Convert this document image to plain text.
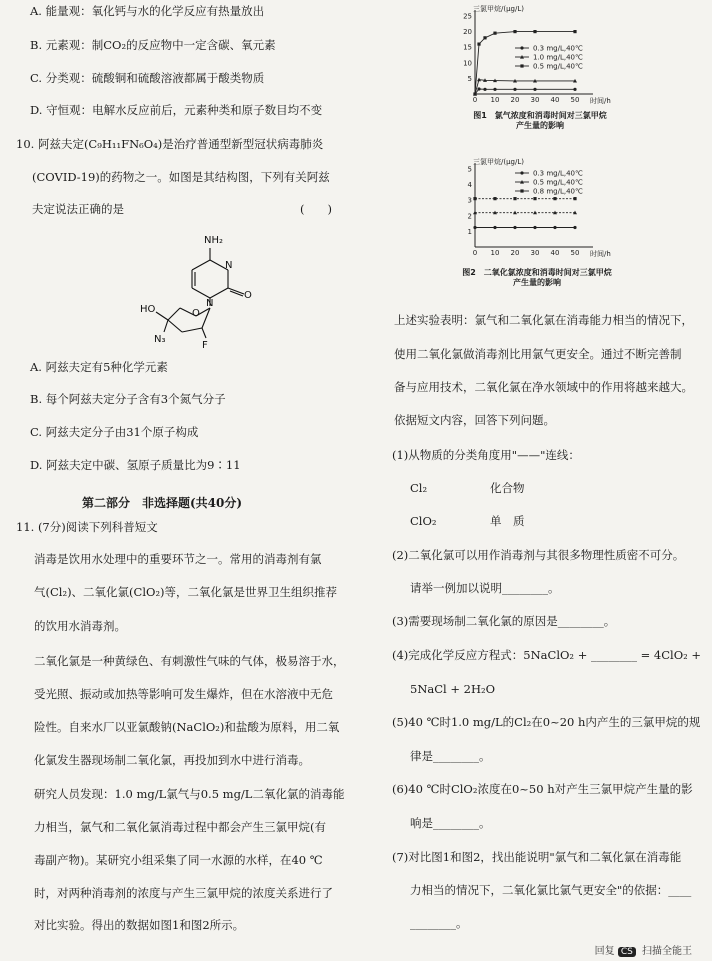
A. 能量观：氧化钙与水的化学反应有热量放出
B. 元素观：制CO₂的反应物中一定含碳、氧元素
C. 分类观：硫酸铜和硫酸溶液都属于酸类物质
D. 守恒观：电解水反应前后，元素种类和原子数目均不变
10. 阿兹夫定(C₉H₁₁FN₆O₄)是治疗普通型新型冠状病毒肺炎
(COVID-19)的药物之一。如图是其结构图，下列有关阿兹
夫定说法正确的是	(　　)
NH₂
N
N
O
O
HO
N₃
F
A. 阿兹夫定有5种化学元素
B. 每个阿兹夫定分子含有3个氮气分子
C. 阿兹夫定分子由31个原子构成
D. 阿兹夫定中碳、氢原子质量比为9∶11
第二部分　非选择题(共40分)
11. (7分)阅读下列科普短文
消毒是饮用水处理中的重要环节之一。常用的消毒剂有氯
气(Cl₂)、二氧化氯(ClO₂)等，二氧化氯是世界卫生组织推荐
的饮用水消毒剂。
二氧化氯是一种黄绿色、有刺激性气味的气体，极易溶于水，
受光照、振动或加热等影响可发生爆炸，但在水溶液中无危
险性。自来水厂以亚氯酸钠(NaClO₂)和盐酸为原料，用二氧
化氯发生器现场制二氧化氯，再投加到水中进行消毒。
研究人员发现：1.0 mg/L氯气与0.5 mg/L二氧化氯的消毒能
力相当，氯气和二氧化氯消毒过程中都会产生三氯甲烷(有
毒副产物)。某研究小组采集了同一水源的水样，在40 ℃
时，对两种消毒剂的浓度与产生三氯甲烷的浓度关系进行了
对比实验。得出的数据如图1和图2所示。
0 10 20 30 40 50
5
10
15
20
25
0.3 mg/L,40℃
1.0 mg/L,40℃
0.5 mg/L,40℃
三氯甲烷/(μg/L)
时间/h
图1　氯气浓度和消毒时间对三氯甲烷产生量的影响
0 10 20 30 40 50
1
2
3
4
5	0.3 mg/L,40℃
0.5 mg/L,40℃
0.8 mg/L,40℃
三氯甲烷/(μg/L)
时间/h
图2　二氧化氯浓度和消毒时间对三氯甲烷产生量的影响
上述实验表明：氯气和二氧化氯在消毒能力相当的情况下，
使用二氧化氯做消毒剂比用氯气更安全。通过不断完善制
备与应用技术，二氧化氯在净水领域中的作用将越来越大。
依据短文内容，回答下列问题。
(1)从物质的分类角度用"——"连线：
Cl₂	化合物
ClO₂	单　质
(2)二氧化氯可以用作消毒剂与其很多物理性质密不可分。
请举一例加以说明________。
(3)需要现场制二氧化氯的原因是________。
(4)完成化学反应方程式：5NaClO₂ + ________ = 4ClO₂ +
5NaCl + 2H₂O
(5)40 ℃时1.0 mg/L的Cl₂在0~20 h内产生的三氯甲烷的规
律是________。
(6)40 ℃时ClO₂浓度在0~50 h对产生三氯甲烷产生量的影
响是________。
(7)对比图1和图2，找出能说明"氯气和二氧化氯在消毒能
力相当的情况下，二氧化氯比氯气更安全"的依据：____
________。
回复 CS 扫描全能王
